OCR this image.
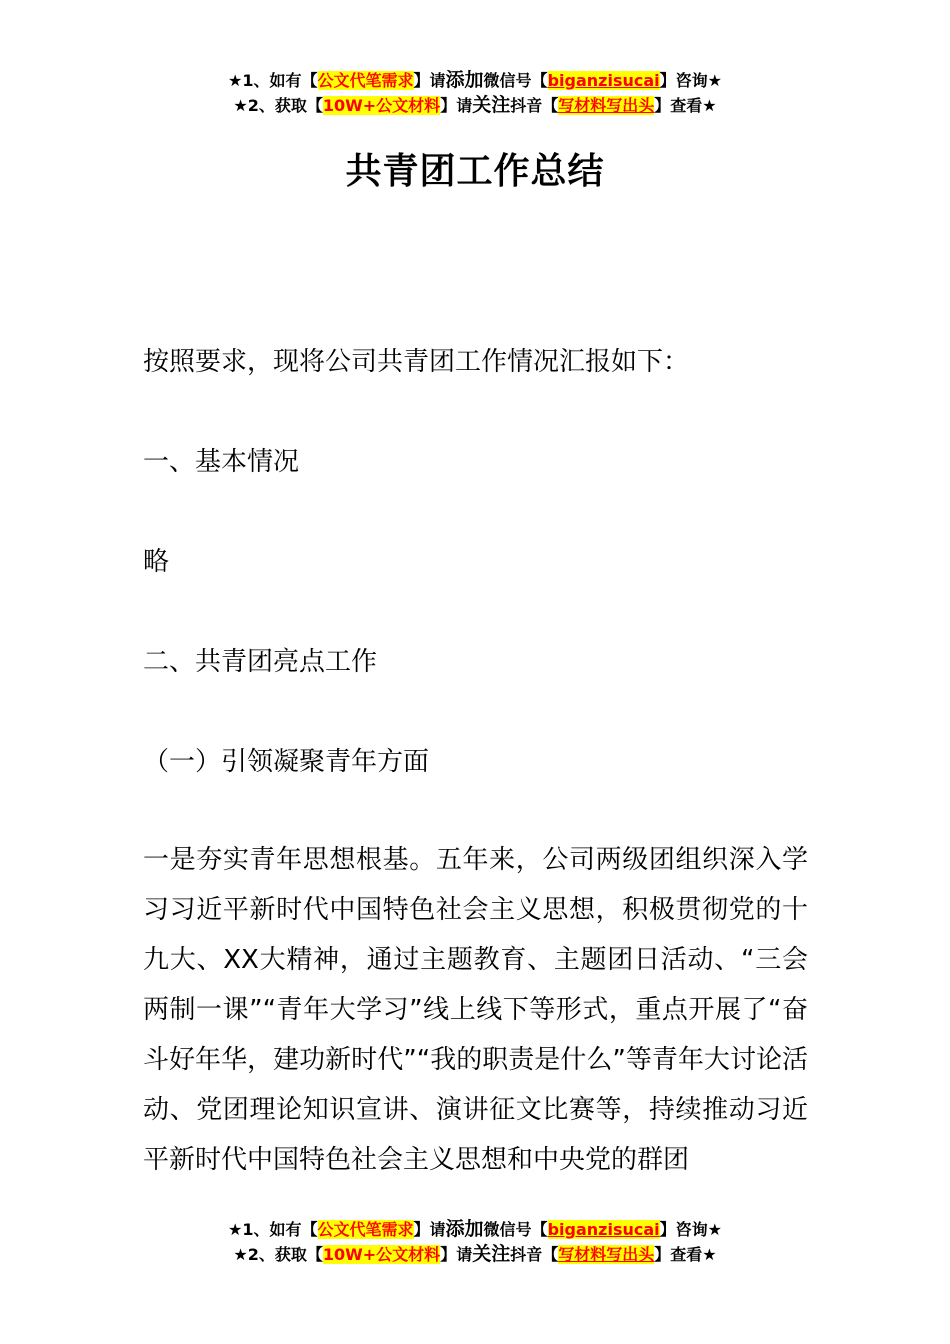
★1、如有【公文代笔需求】请添加微信号【biganzisucai】咨询★
★2、获取【10W+公文材料】请关注抖音【写材料写出头】查看★
共青团工作总结
按照要求，现将公司共青团工作情况汇报如下：
一、基本情况
略
二、共青团亮点工作
（一）引领凝聚青年方面
一是夯实青年思想根基。五年来，公司两级团组织深入学习习近平新时代中国特色社会主义思想，积极贯彻党的十九大、XX大精神，通过主题教育、主题团日活动、“三会两制一课”“青年大学习”线上线下等形式，重点开展了“奋斗好年华，建功新时代”“我的职责是什么”等青年大讨论活动、党团理论知识宣讲、演讲征文比赛等，持续推动习近平新时代中国特色社会主义思想和中央党的群团
★1、如有【公文代笔需求】请添加微信号【biganzisucai】咨询★
★2、获取【10W+公文材料】请关注抖音【写材料写出头】查看★
